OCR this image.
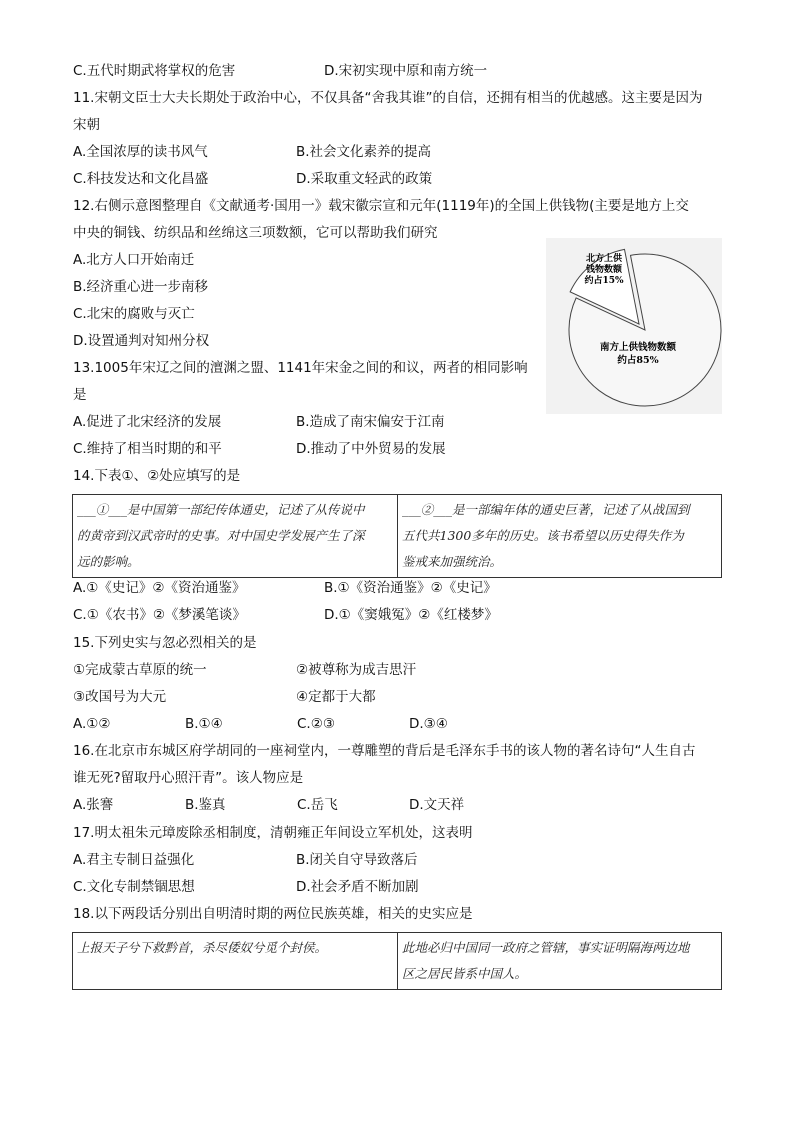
C.五代时期武将掌权的危害	D.宋初实现中原和南方统一
11.宋朝文臣士大夫长期处于政治中心，不仅具备“舍我其谁”的自信，还拥有相当的优越感。这主要是因为
宋朝
A.全国浓厚的读书风气	B.社会文化素养的提高
C.科技发达和文化昌盛	D.采取重文轻武的政策
12.右侧示意图整理自《文献通考·国用一》载宋徽宗宣和元年(1119年)的全国上供钱物(主要是地方上交
中央的铜钱、纺织品和丝绵这三项数额，它可以帮助我们研究
A.北方人口开始南迁
B.经济重心进一步南移
C.北宋的腐败与灭亡
D.设置通判对知州分权
北方上供
钱物数额
约占15%
南方上供钱物数额
约占85%
13.1005年宋辽之间的澶渊之盟、1141年宋金之间的和议，两者的相同影响
是
A.促进了北宋经济的发展	B.造成了南宋偏安于江南
C.维持了相当时期的和平	D.推动了中外贸易的发展
14.下表①、②处应填写的是
___①___是中国第一部纪传体通史，记述了从传说中
的黄帝到汉武帝时的史事。对中国史学发展产生了深
远的影响。

___②___是一部编年体的通史巨著，记述了从战国到
五代共1300多年的历史。该书希望以历史得失作为
鉴戒来加强统治。
A.①《史记》②《资治通鉴》	B.①《资治通鉴》②《史记》
C.①《农书》②《梦溪笔谈》	D.①《窦娥冤》②《红楼梦》
15.下列史实与忽必烈相关的是
①完成蒙古草原的统一	②被尊称为成吉思汗
③改国号为大元	④定都于大都
A.①②	B.①④	C.②③	D.③④
16.在北京市东城区府学胡同的一座祠堂内，一尊雕塑的背后是毛泽东手书的该人物的著名诗句“人生自古
谁无死?留取丹心照汗青”。该人物应是
A.张謇	B.鉴真	C.岳飞	D.文天祥
17.明太祖朱元璋废除丞相制度，清朝雍正年间设立军机处，这表明
A.君主专制日益强化	B.闭关自守导致落后
C.文化专制禁锢思想	D.社会矛盾不断加剧
18.以下两段话分别出自明清时期的两位民族英雄，相关的史实应是
上报天子兮下救黔首，杀尽倭奴兮觅个封侯。	此地必归中国同一政府之管辖，事实证明隔海两边地
区之居民皆系中国人。
